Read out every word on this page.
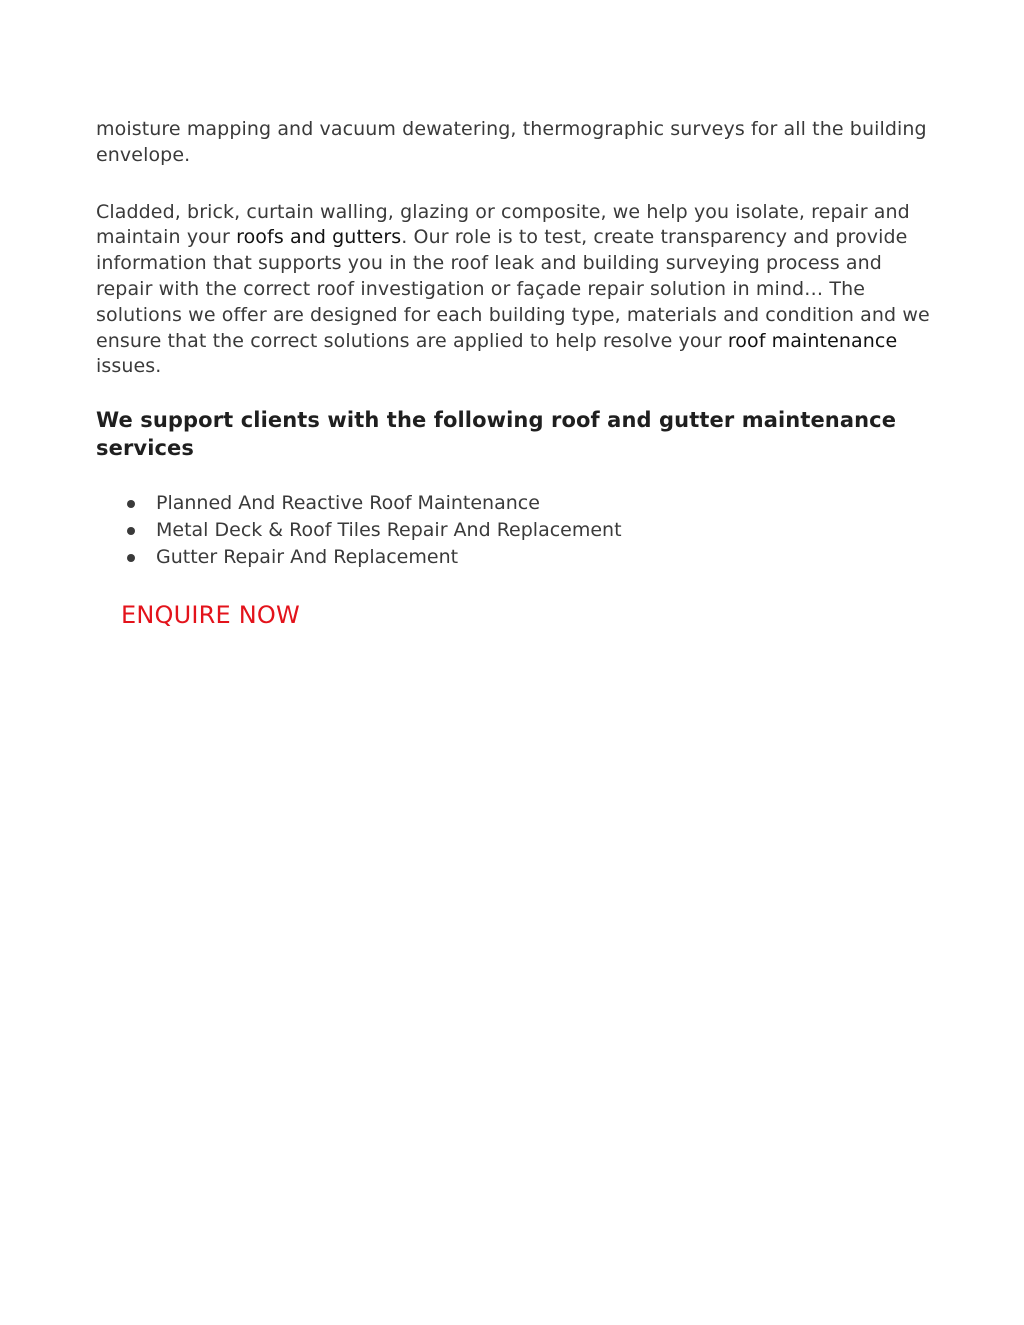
moisture mapping and vacuum dewatering, thermographic surveys for all the building envelope.

Cladded, brick, curtain walling, glazing or composite, we help you isolate, repair and maintain your roofs and gutters. Our role is to test, create transparency and provide information that supports you in the roof leak and building surveying process and repair with the correct roof investigation or façade repair solution in mind… The solutions we offer are designed for each building type, materials and condition and we ensure that the correct solutions are applied to help resolve your roof maintenance issues.

We support clients with the following roof and gutter maintenance services
Planned And Reactive Roof Maintenance
Metal Deck & Roof Tiles Repair And Replacement
Gutter Repair And Replacement
ENQUIRE NOW
